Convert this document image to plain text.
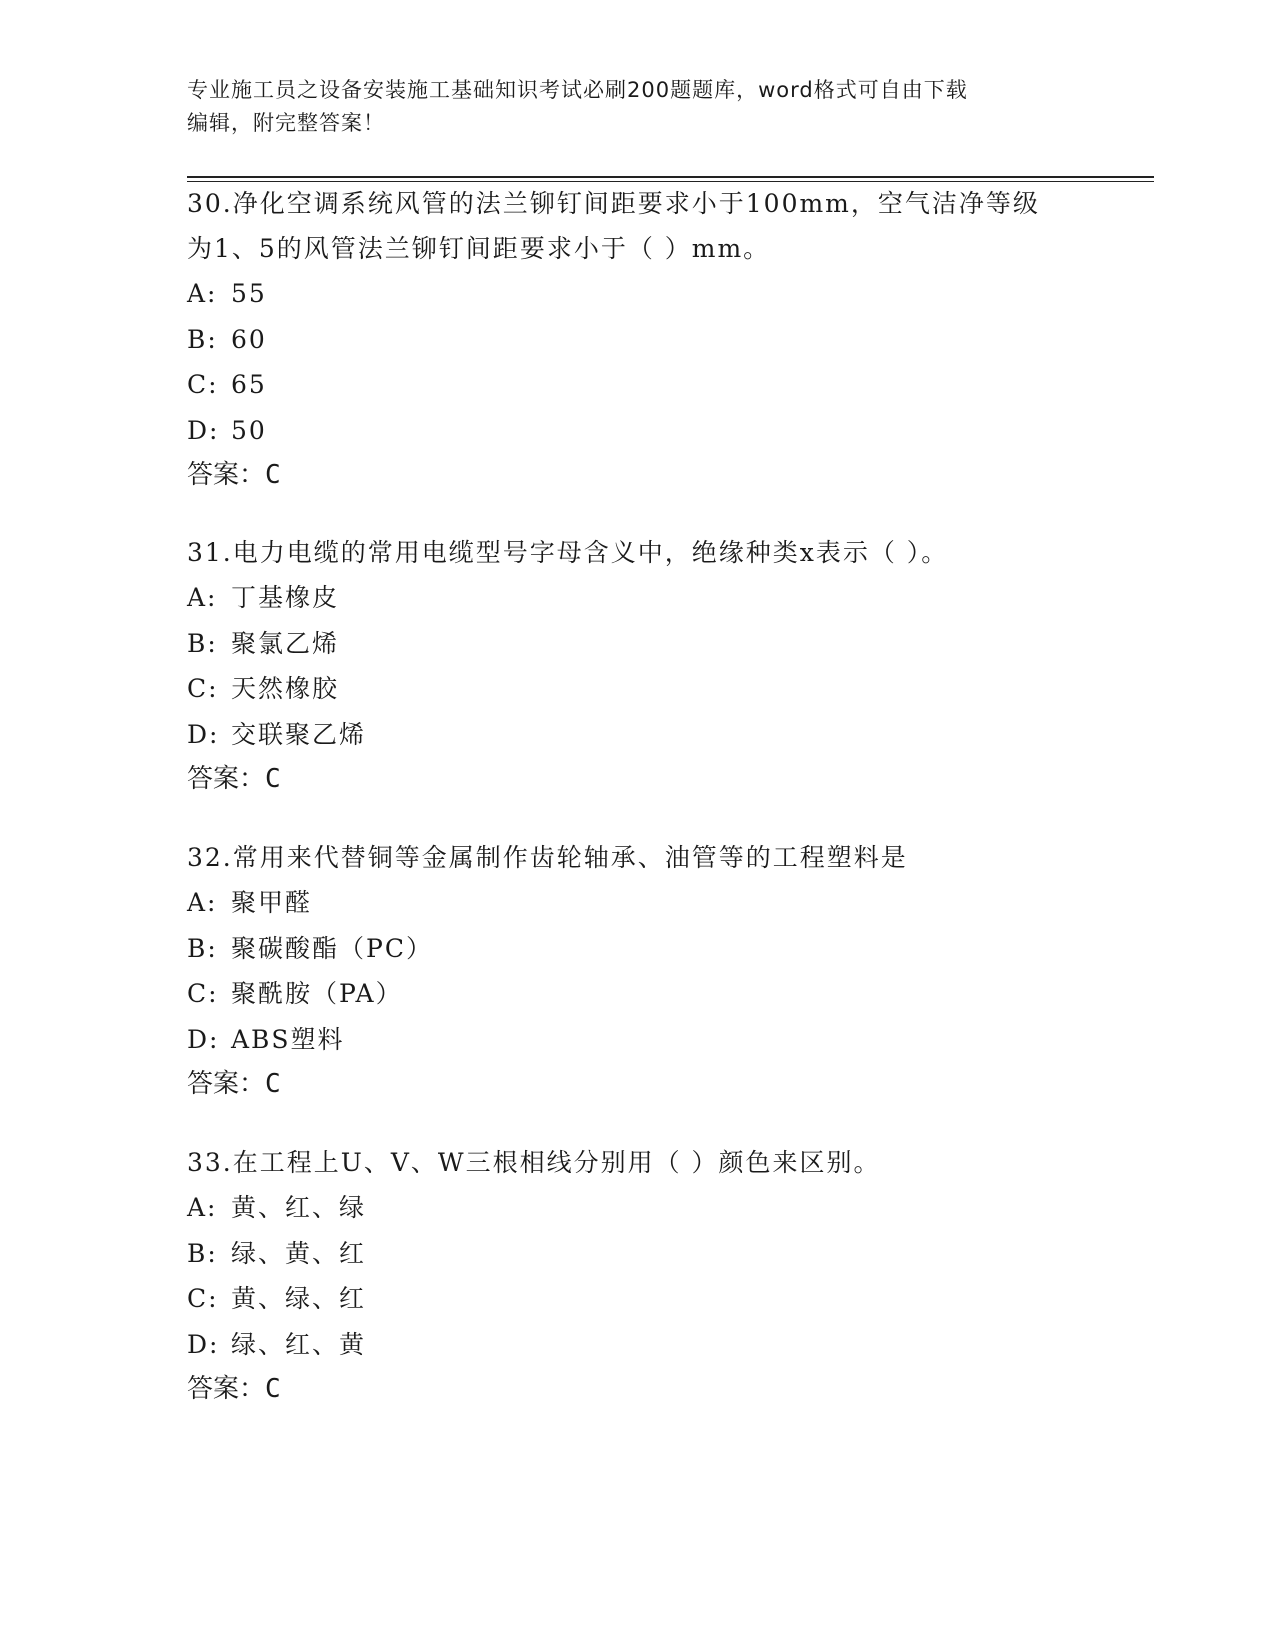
专业施工员之设备安装施工基础知识考试必刷200题题库，word格式可自由下载
编辑，附完整答案！

30.净化空调系统风管的法兰铆钉间距要求小于100mm，空气洁净等级

为1、5的风管法兰铆钉间距要求小于（ ）mm。

A: 55

B: 60

C: 65

D: 50

答案：C

31.电力电缆的常用电缆型号字母含义中，绝缘种类x表示（ ）。

A: 丁基橡皮

B: 聚氯乙烯

C: 天然橡胶

D: 交联聚乙烯

答案：C

32.常用来代替铜等金属制作齿轮轴承、油管等的工程塑料是

A: 聚甲醛

B: 聚碳酸酯（PC）

C: 聚酰胺（PA）

D: ABS塑料

答案：C

33.在工程上U、V、W三根相线分别用（ ）颜色来区别。

A: 黄、红、绿

B: 绿、黄、红

C: 黄、绿、红

D: 绿、红、黄

答案：C
